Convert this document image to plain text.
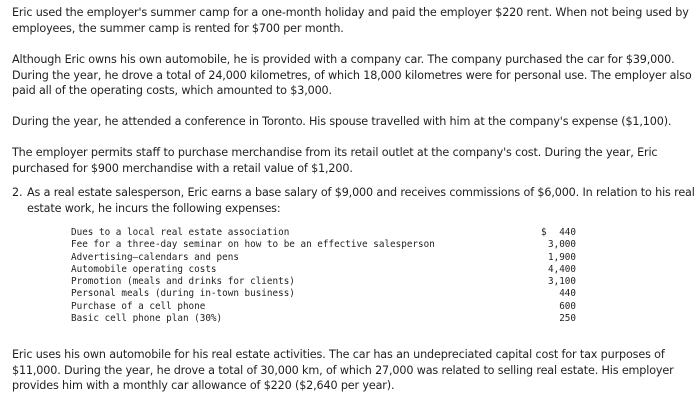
Eric used the employer's summer camp for a one-month holiday and paid the employer $220 rent. When not being used by employees, the summer camp is rented for $700 per month.

Although Eric owns his own automobile, he is provided with a company car. The company purchased the car for $39,000. During the year, he drove a total of 24,000 kilometres, of which 18,000 kilometres were for personal use. The employer also paid all of the operating costs, which amounted to $3,000.

During the year, he attended a conference in Toronto. His spouse travelled with him at the company's expense ($1,100).

The employer permits staff to purchase merchandise from its retail outlet at the company's cost. During the year, Eric purchased for $900 merchandise with a retail value of $1,200.

2. As a real estate salesperson, Eric earns a base salary of $9,000 and receives commissions of $6,000. In relation to his real estate work, he incurs the following expenses:

Dues to a local real estate association

	$

440

Fee for a three-day seminar on how to be an effective salesperson

	3,000

Advertising—calendars and pens

	1,900

Automobile operating costs

	4,400

Promotion (meals and drinks for clients)

	3,100

Personal meals (during in-town business)

	440

Purchase of a cell phone

	600

Basic cell phone plan (30%)

	250

Eric uses his own automobile for his real estate activities. The car has an undepreciated capital cost for tax purposes of $11,000. During the year, he drove a total of 30,000 km, of which 27,000 was related to selling real estate. His employer provides him with a monthly car allowance of $220 ($2,640 per year).
